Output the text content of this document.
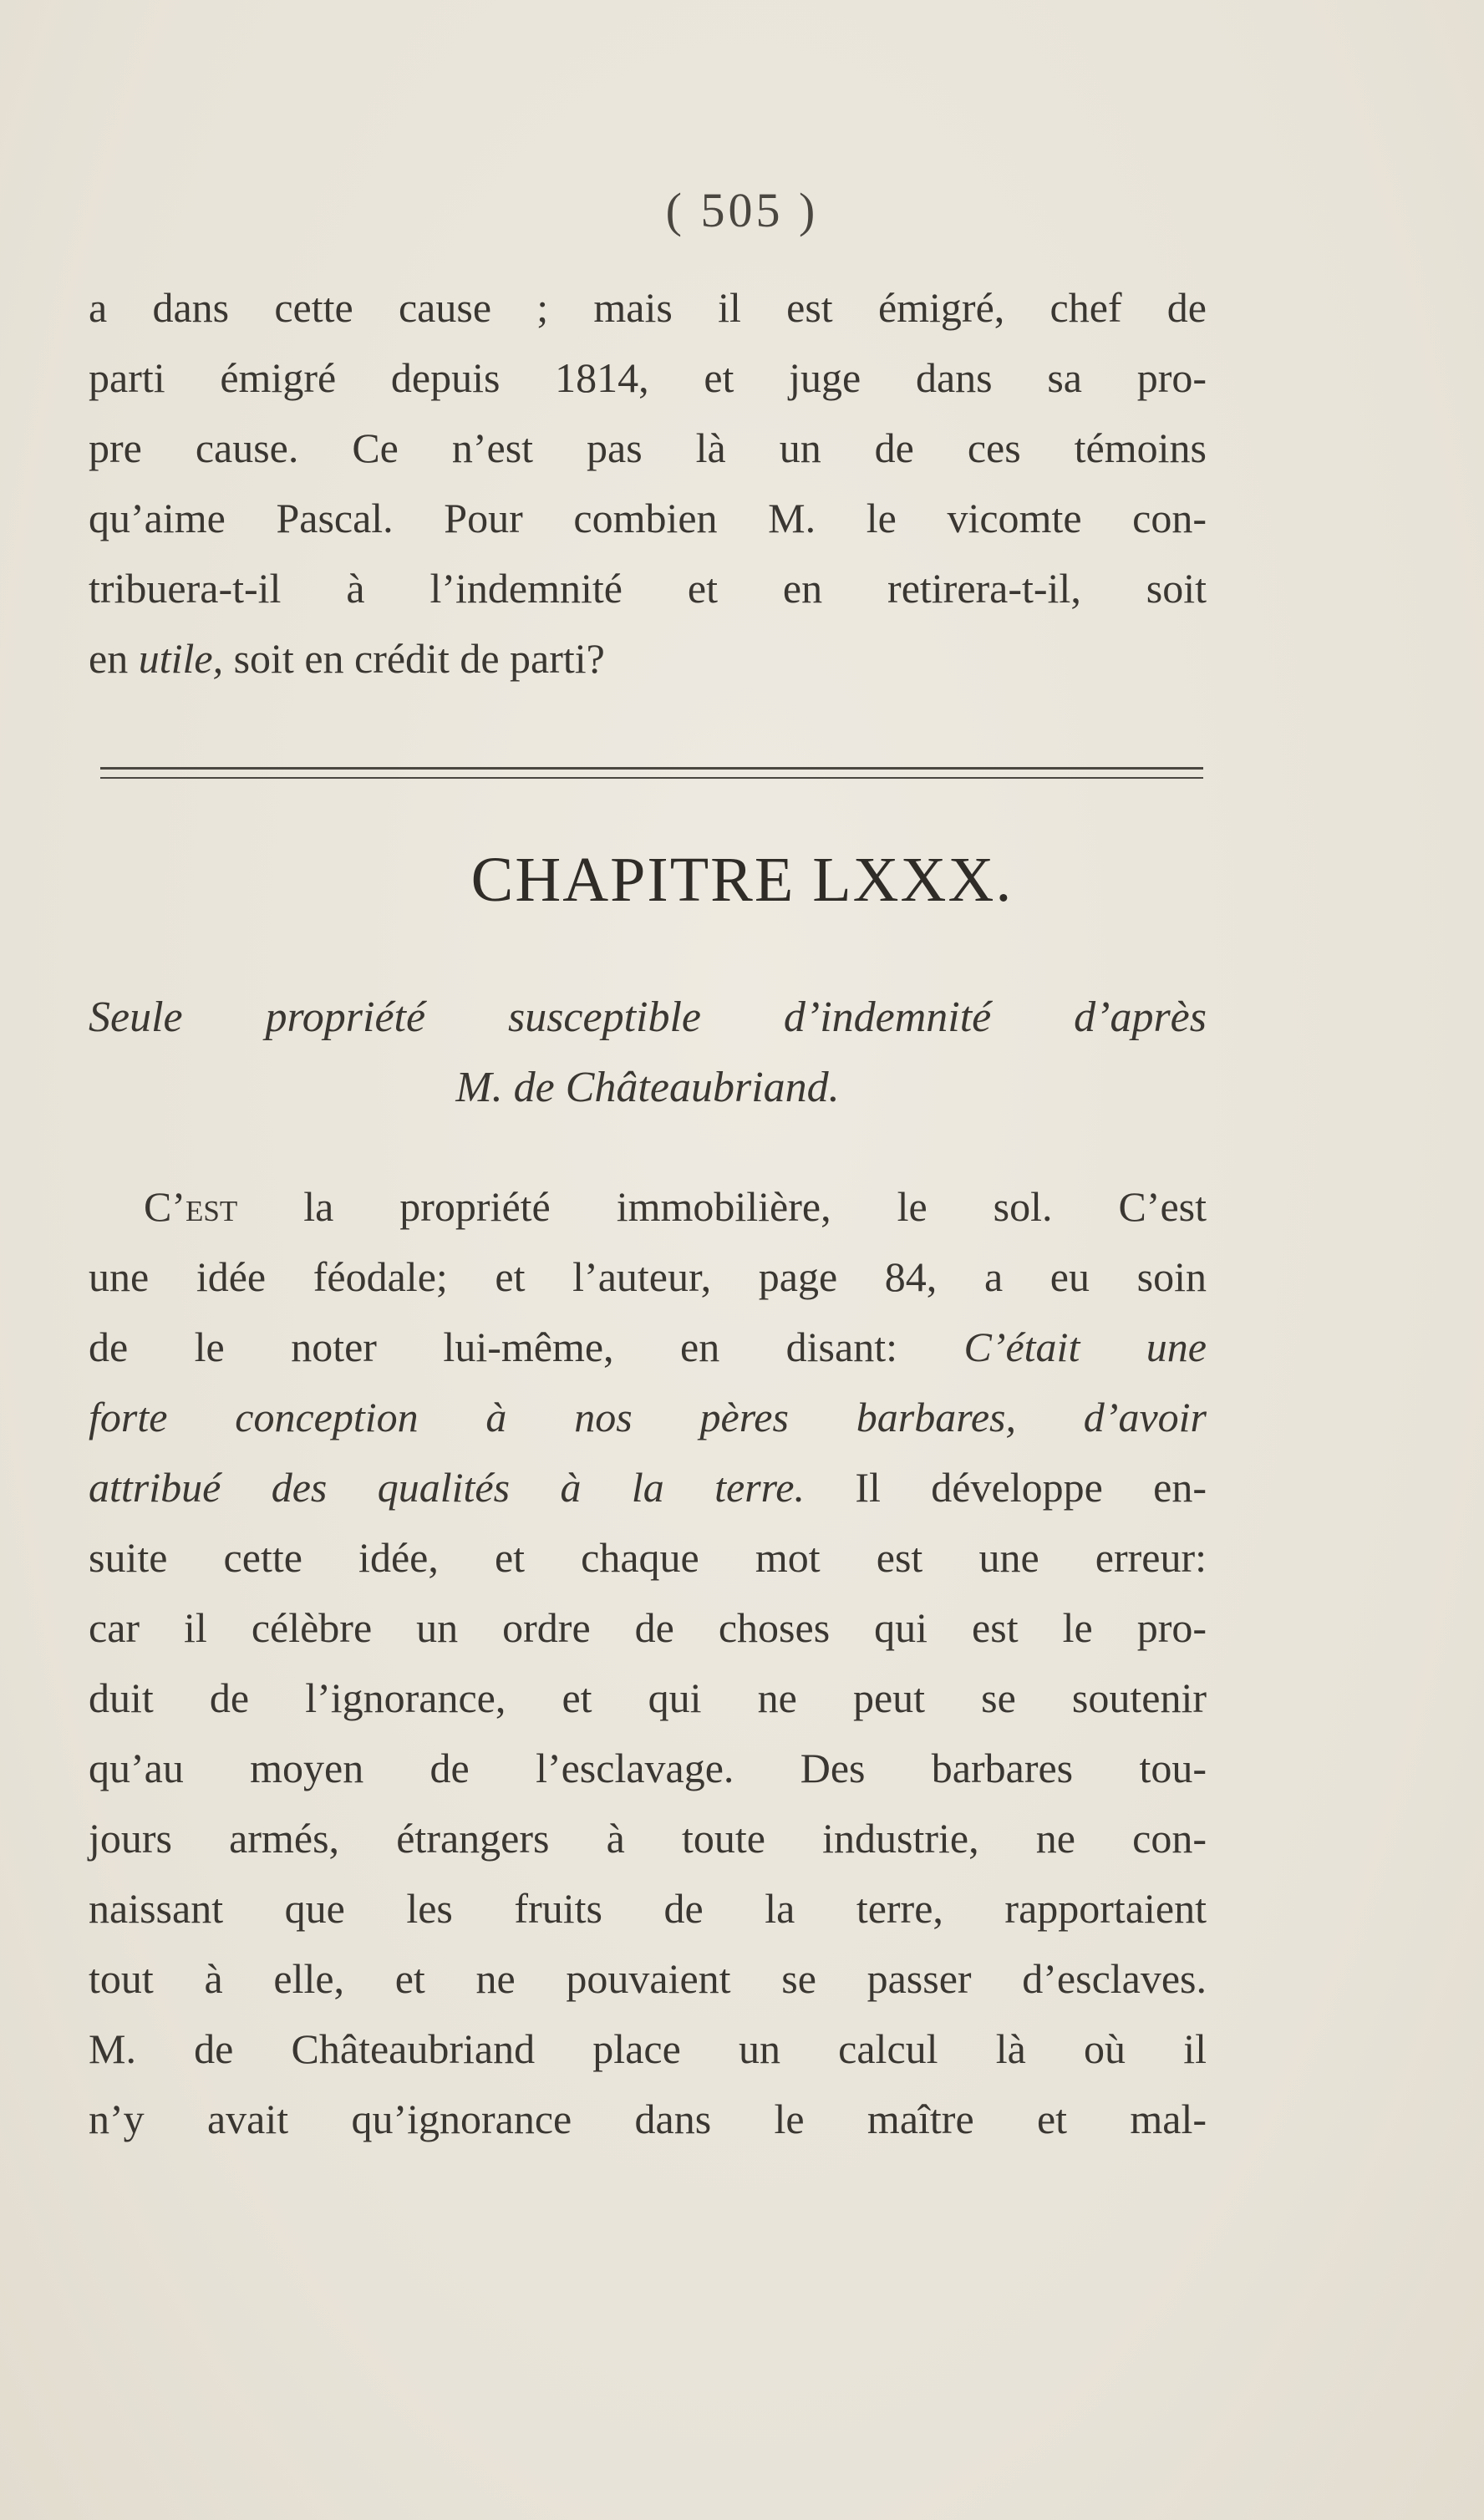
( 505 )
a dans cette cause ; mais il est émigré, chef de
parti émigré depuis 1814, et juge dans sa pro-
pre cause. Ce n’est pas là un de ces témoins
qu’aime Pascal. Pour combien M. le vicomte con-
tribuera-t-il à l’indemnité et en retirera-t-il, soit
en utile, soit en crédit de parti?
CHAPITRE LXXX.
Seule propriété susceptible d’indemnité d’après
M. de Châteaubriand.
C’est la propriété immobilière, le sol. C’est
une idée féodale; et l’auteur, page 84, a eu soin
de le noter lui-même, en disant: C’était une
forte conception à nos pères barbares, d’avoir
attribué des qualités à la terre. Il développe en-
suite cette idée, et chaque mot est une erreur:
car il célèbre un ordre de choses qui est le pro-
duit de l’ignorance, et qui ne peut se soutenir
qu’au moyen de l’esclavage. Des barbares tou-
jours armés, étrangers à toute industrie, ne con-
naissant que les fruits de la terre, rapportaient
tout à elle, et ne pouvaient se passer d’esclaves.
M. de Châteaubriand place un calcul là où il
n’y avait qu’ignorance dans le maître et mal-
